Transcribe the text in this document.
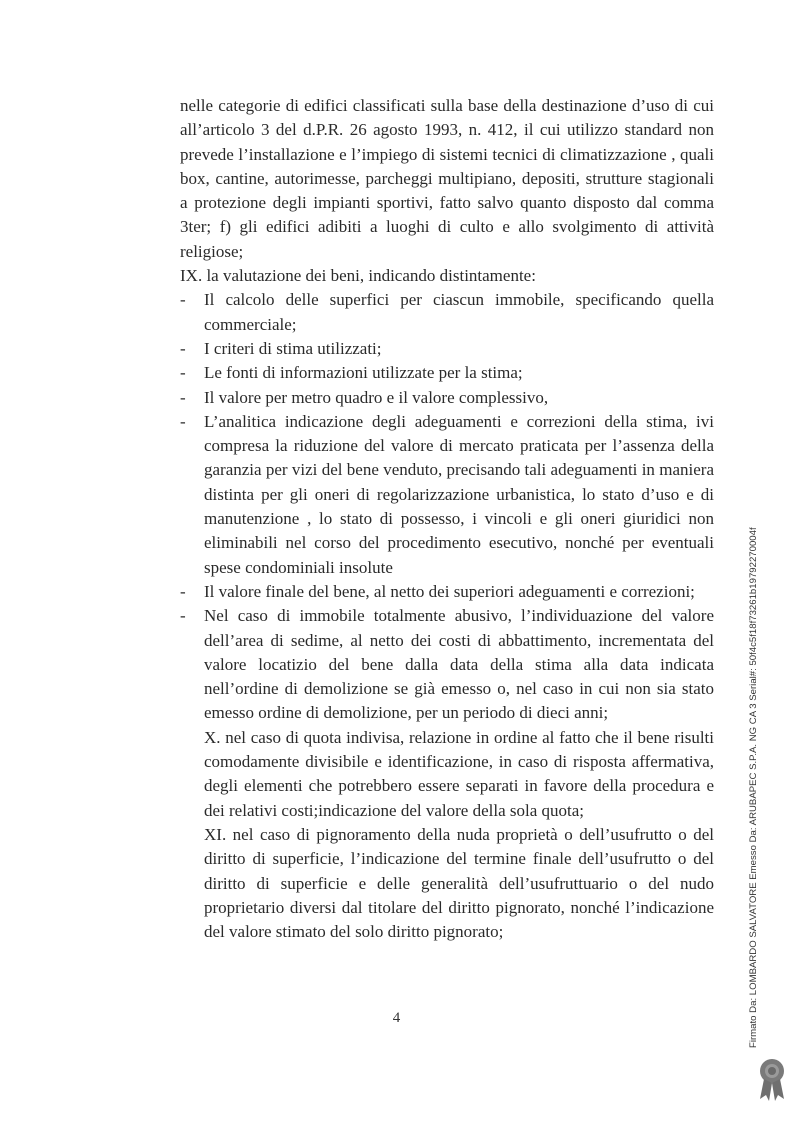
nelle categorie di edifici classificati sulla base della destinazione d’uso di cui all’articolo 3 del d.P.R. 26 agosto 1993, n. 412, il cui utilizzo standard non prevede l’installazione e l’impiego di sistemi tecnici di climatizzazione , quali box, cantine, autorimesse, parcheggi multipiano, depositi, strutture stagionali a protezione degli impianti sportivi, fatto salvo quanto disposto dal comma 3ter; f) gli edifici adibiti a luoghi di culto e allo svolgimento di attività religiose;

IX. la valutazione dei beni, indicando distintamente:

- Il calcolo delle superfici per ciascun immobile, specificando quella commerciale;
- I criteri di stima utilizzati;
- Le fonti di informazioni utilizzate per la stima;
- Il valore per metro quadro e il valore complessivo,
- L’analitica indicazione degli adeguamenti e correzioni della stima, ivi compresa la riduzione del valore di mercato praticata per l’assenza della garanzia per vizi del bene venduto, precisando tali adeguamenti in maniera distinta per gli oneri di regolarizzazione urbanistica, lo stato d’uso e di manutenzione , lo stato di possesso, i vincoli e gli oneri giuridici non eliminabili nel corso del procedimento esecutivo, nonché per eventuali spese condominiali insolute
- Il valore finale del bene, al netto dei superiori adeguamenti e correzioni;
- Nel caso di immobile totalmente abusivo, l’individuazione del valore dell’area di sedime, al netto dei costi di abbattimento, incrementata del valore locatizio del bene dalla data della stima alla data indicata nell’ordine di demolizione se già emesso o, nel caso in cui non sia stato emesso ordine di demolizione, per un periodo di dieci anni;

X. nel caso di quota indivisa, relazione in ordine al fatto che il bene risulti comodamente divisibile e identificazione, in caso di risposta affermativa, degli elementi che potrebbero essere separati in favore della procedura e dei relativi costi;indicazione del valore della sola quota;

XI. nel caso di pignoramento della nuda proprietà o dell’usufrutto o del diritto di superficie, l’indicazione del termine finale dell’usufrutto o del diritto di superficie e delle generalità dell’usufruttuario o del nudo proprietario diversi dal titolare del diritto pignorato, nonché l’indicazione del valore stimato del solo diritto pignorato;

4	Firmato Da: LOMBARDO SALVATORE Emesso Da: ARUBAPEC S.P.A. NG CA 3 Serial#: 50f4c5f18f73261b19792270004f
